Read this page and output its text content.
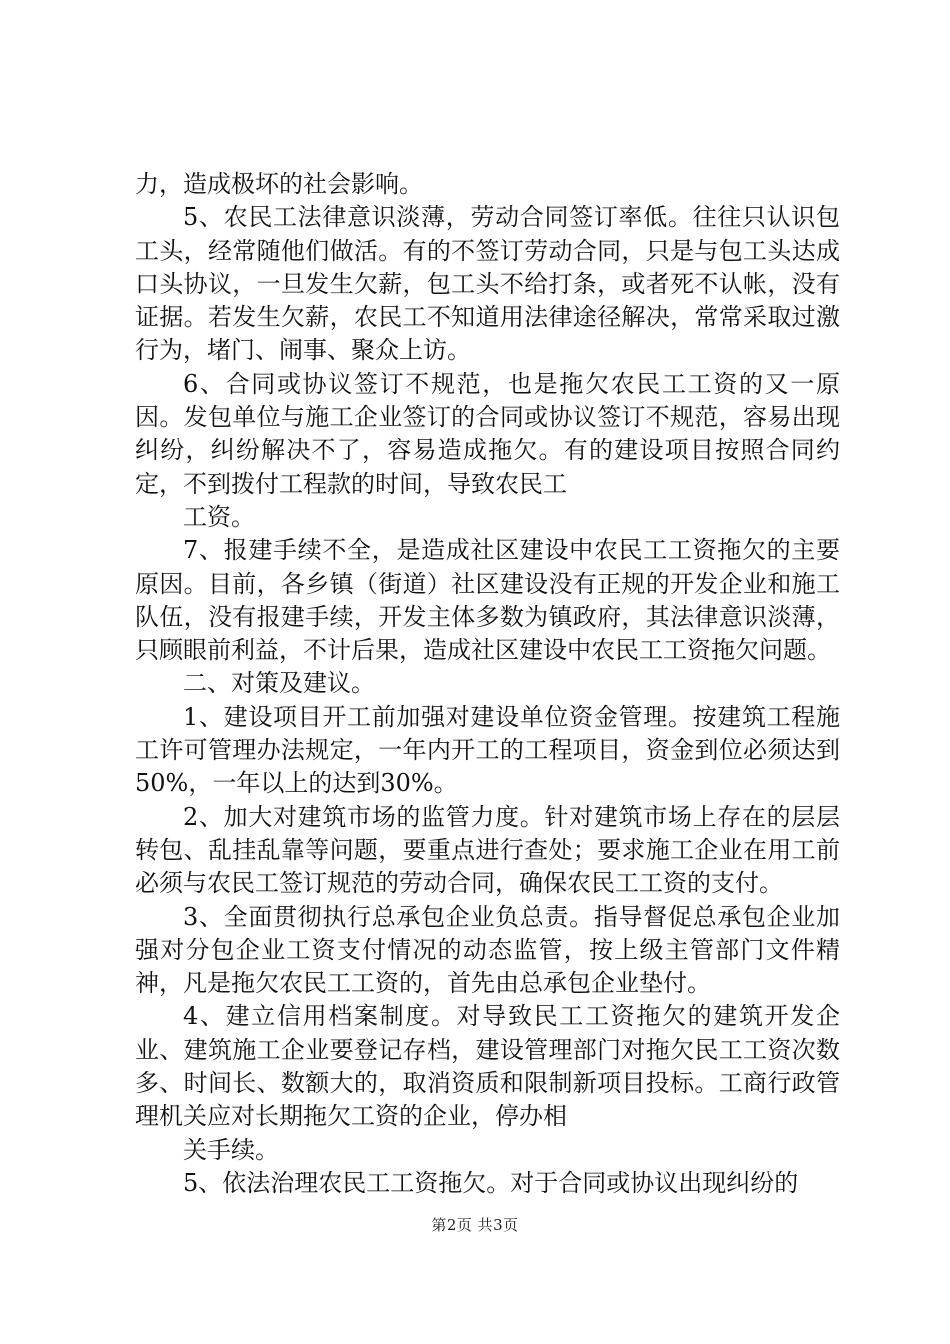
力，造成极坏的社会影响。

5、农民工法律意识淡薄，劳动合同签订率低。往往只认识包工头，经常随他们做活。有的不签订劳动合同，只是与包工头达成口头协议，一旦发生欠薪，包工头不给打条，或者死不认帐，没有证据。若发生欠薪，农民工不知道用法律途径解决，常常采取过激行为，堵门、闹事、聚众上访。

6、合同或协议签订不规范，也是拖欠农民工工资的又一原因。发包单位与施工企业签订的合同或协议签订不规范，容易出现纠纷，纠纷解决不了，容易造成拖欠。有的建设项目按照合同约定，不到拨付工程款的时间，导致农民工

工资。

7、报建手续不全，是造成社区建设中农民工工资拖欠的主要原因。目前，各乡镇（街道）社区建设没有正规的开发企业和施工队伍，没有报建手续，开发主体多数为镇政府，其法律意识淡薄，只顾眼前利益，不计后果，造成社区建设中农民工工资拖欠问题。

二、对策及建议。

1、建设项目开工前加强对建设单位资金管理。按建筑工程施工许可管理办法规定，一年内开工的工程项目，资金到位必须达到50%，一年以上的达到30%。

2、加大对建筑市场的监管力度。针对建筑市场上存在的层层转包、乱挂乱靠等问题，要重点进行查处；要求施工企业在用工前必须与农民工签订规范的劳动合同，确保农民工工资的支付。

3、全面贯彻执行总承包企业负总责。指导督促总承包企业加强对分包企业工资支付情况的动态监管，按上级主管部门文件精神，凡是拖欠农民工工资的，首先由总承包企业垫付。

4、建立信用档案制度。对导致民工工资拖欠的建筑开发企业、建筑施工企业要登记存档，建设管理部门对拖欠民工工资次数多、时间长、数额大的，取消资质和限制新项目投标。工商行政管理机关应对长期拖欠工资的企业，停办相

关手续。

5、依法治理农民工工资拖欠。对于合同或协议出现纠纷的

第2页 共3页
